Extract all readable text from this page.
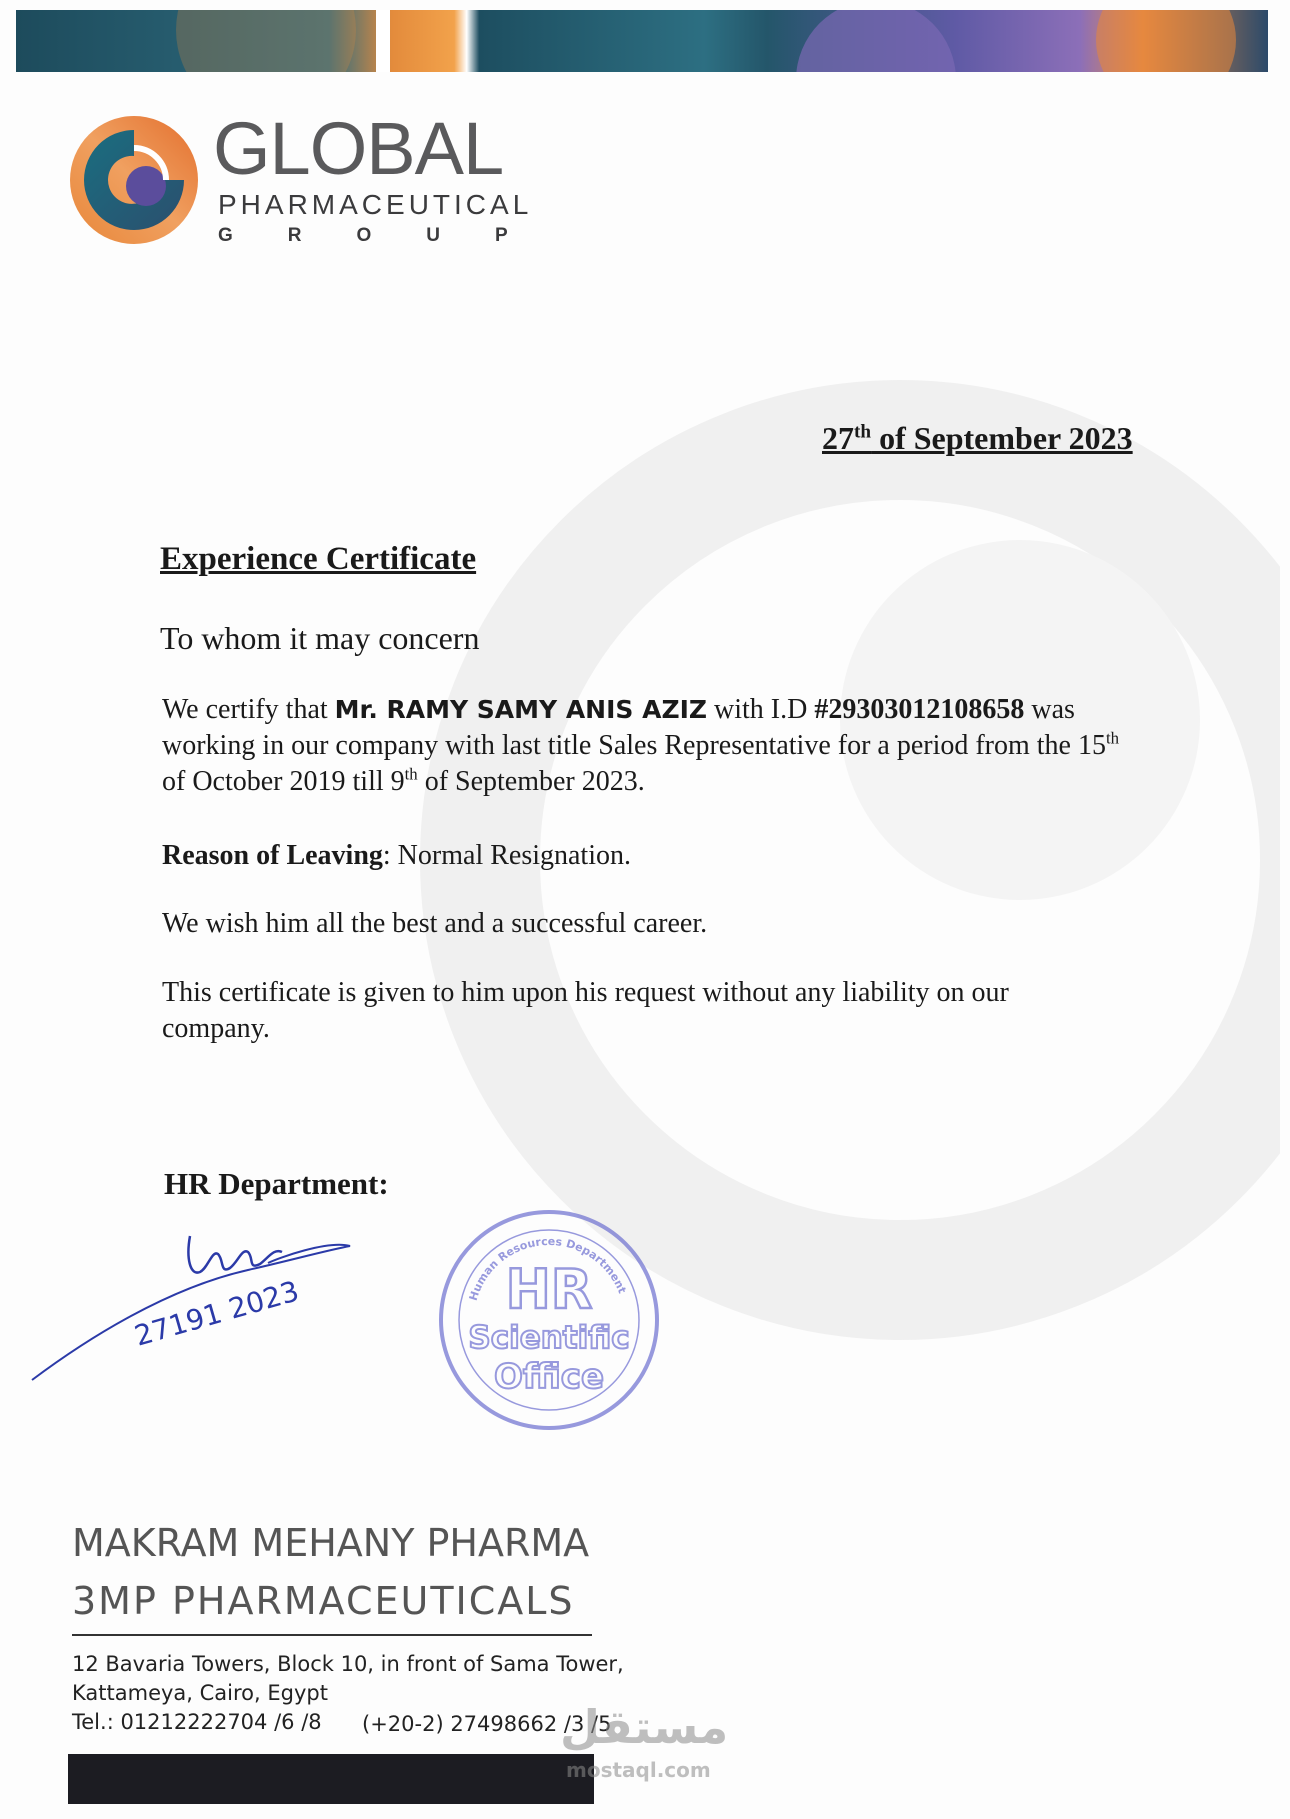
GLOBAL
PHARMACEUTICAL
GROUP
27th of September 2023
Experience Certificate
To whom it may concern
We certify that Mr. RAMY SAMY ANIS AZIZ with I.D #29303012108658 was working in our company with last title Sales Representative for a period from the 15th of October 2019 till 9th of September 2023.
Reason of Leaving: Normal Resignation.
We wish him all the best and a successful career.
This certificate is given to him upon his request without any liability on our company.
HR Department:
27191 2023	Human Resources Department
HR
Scientific
Office
MAKRAM MEHANY PHARMA
3MP PHARMACEUTICALS
12 Bavaria Towers, Block 10, in front of Sama Tower,
Kattameya, Cairo, Egypt
Tel.: 01212222704 /6 /8 (+20-2) 27498662 /3 /5
مستقل
mostaql.com
